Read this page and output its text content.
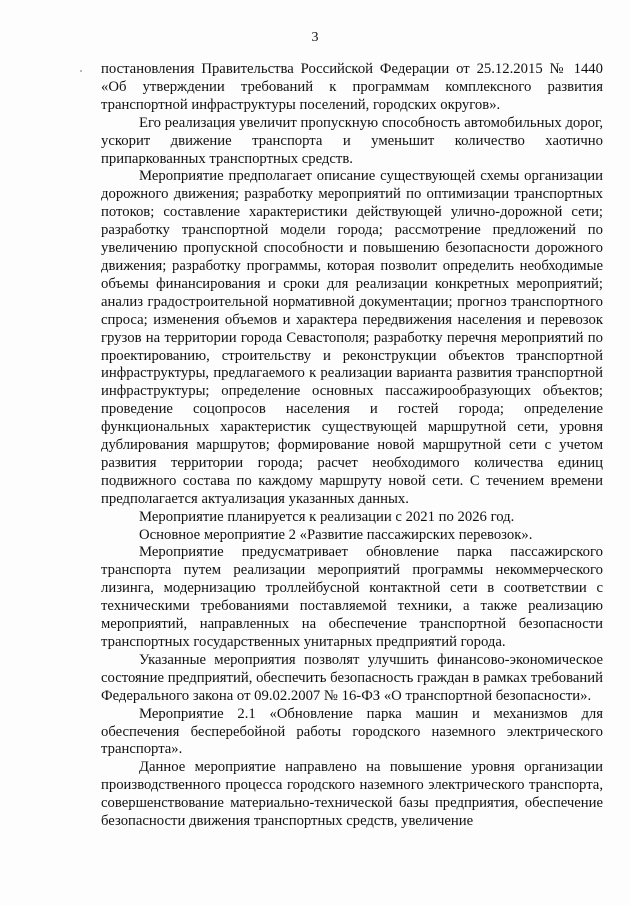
3

постановления Правительства Российской Федерации от 25.12.2015 № 1440 «Об утверждении требований к программам комплексного развития транспортной инфраструктуры поселений, городских округов».

Его реализация увеличит пропускную способность автомобильных дорог, ускорит движение транспорта и уменьшит количество хаотично припаркованных транспортных средств.

Мероприятие предполагает описание существующей схемы организации дорожного движения; разработку мероприятий по оптимизации транспортных потоков; составление характеристики действующей улично-дорожной сети; разработку транспортной модели города; рассмотрение предложений по увеличению пропускной способности и повышению безопасности дорожного движения; разработку программы, которая позволит определить необходимые объемы финансирования и сроки для реализации конкретных мероприятий; анализ градостроительной нормативной документации; прогноз транспортного спроса; изменения объемов и характера передвижения населения и перевозок грузов на территории города Севастополя; разработку перечня мероприятий по проектированию, строительству и реконструкции объектов транспортной инфраструктуры, предлагаемого к реализации варианта развития транспортной инфраструктуры; определение основных пассажирообразующих объектов; проведение соцопросов населения и гостей города; определение функциональных характеристик существующей маршрутной сети, уровня дублирования маршрутов; формирование новой маршрутной сети с учетом развития территории города; расчет необходимого количества единиц подвижного состава по каждому маршруту новой сети. С течением времени предполагается актуализация указанных данных.

Мероприятие планируется к реализации с 2021 по 2026 год.

Основное мероприятие 2 «Развитие пассажирских перевозок».

Мероприятие предусматривает обновление парка пассажирского транспорта путем реализации мероприятий программы некоммерческого лизинга, модернизацию троллейбусной контактной сети в соответствии с техническими требованиями поставляемой техники, а также реализацию мероприятий, направленных на обеспечение транспортной безопасности транспортных государственных унитарных предприятий города.

Указанные мероприятия позволят улучшить финансово-экономическое состояние предприятий, обеспечить безопасность граждан в рамках требований Федерального закона от 09.02.2007 № 16-ФЗ «О транспортной безопасности».

Мероприятие 2.1 «Обновление парка машин и механизмов для обеспечения бесперебойной работы городского наземного электрического транспорта».

Данное мероприятие направлено на повышение уровня организации производственного процесса городского наземного электрического транспорта, совершенствование материально-технической базы предприятия, обеспечение безопасности движения транспортных средств, увеличение
